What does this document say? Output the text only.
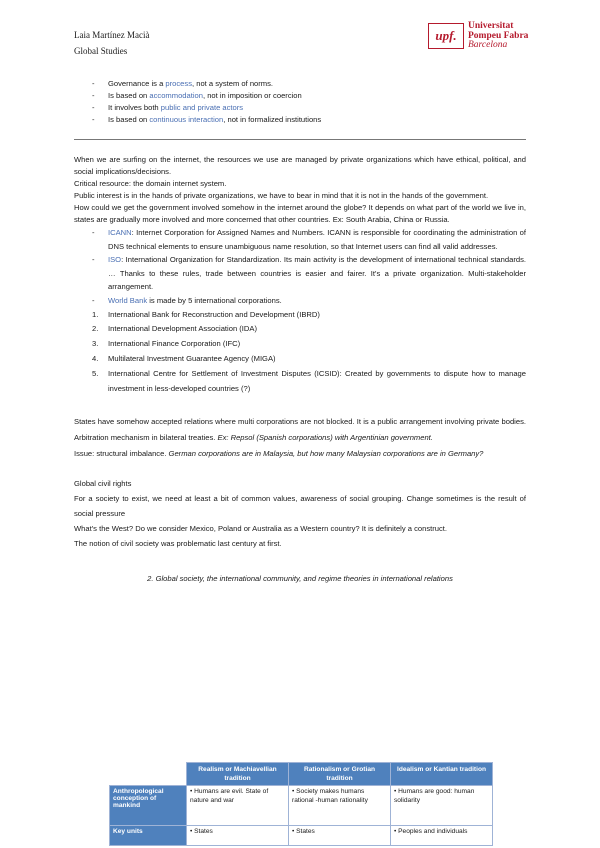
Laia Martínez Macià
Global Studies
upf.
Universitat
Pompeu Fabra
Barcelona
- Governance is a process, not a system of norms.
- Is based on accommodation, not in imposition or coercion
- It involves both public and private actors
- Is based on continuous interaction, not in formalized institutions

When we are surfing on the internet, the resources we use are managed by private organizations which have ethical, political, and social implications/decisions.

Critical resource: the domain internet system.

Public interest is in the hands of private organizations, we have to bear in mind that it is not in the hands of the government.

How could we get the government involved somehow in the internet around the globe? It depends on what part of the world we live in, states are gradually more involved and more concerned that other countries. Ex: South Arabia, China or Russia.

- ICANN: Internet Corporation for Assigned Names and Numbers. ICANN is responsible for coordinating the administration of DNS technical elements to ensure unambiguous name resolution, so that Internet users can find all valid addresses.
- ISO: International Organization for Standardization. Its main activity is the development of international technical standards. … Thanks to these rules, trade between countries is easier and fairer. It's a private organization. Multi-stakeholder arrangement.
- World Bank is made by 5 international corporations.
1. International Bank for Reconstruction and Development (IBRD)
2. International Development Association (IDA)
3. International Finance Corporation (IFC)
4. Multilateral Investment Guarantee Agency (MIGA)
5. International Centre for Settlement of Investment Disputes (ICSID): Created by governments to dispute how to manage investment in less-developed countries (?)

States have somehow accepted relations where multi corporations are not blocked. It is a public arrangement involving private bodies. Arbitration mechanism in bilateral treaties. Ex: Repsol (Spanish corporations) with Argentinian government.

Issue: structural imbalance. German corporations are in Malaysia, but how many Malaysian corporations are in Germany?

Global civil rights

For a society to exist, we need at least a bit of common values, awareness of social grouping. Change sometimes is the result of social pressure

What's the West? Do we consider Mexico, Poland or Australia as a Western country? It is definitely a construct.

The notion of civil society was problematic last century at first.

2. Global society, the international community, and regime theories in international relations
	Realism or Machiavellian tradition	Rationalism or Grotian tradition	Idealism or Kantian tradition
Anthropological conception of mankind	• Humans are evil. State of nature and war	• Society makes humans rational -human rationality	• Humans are good: human solidarity
Key units	• States	• States	• Peoples and individuals
